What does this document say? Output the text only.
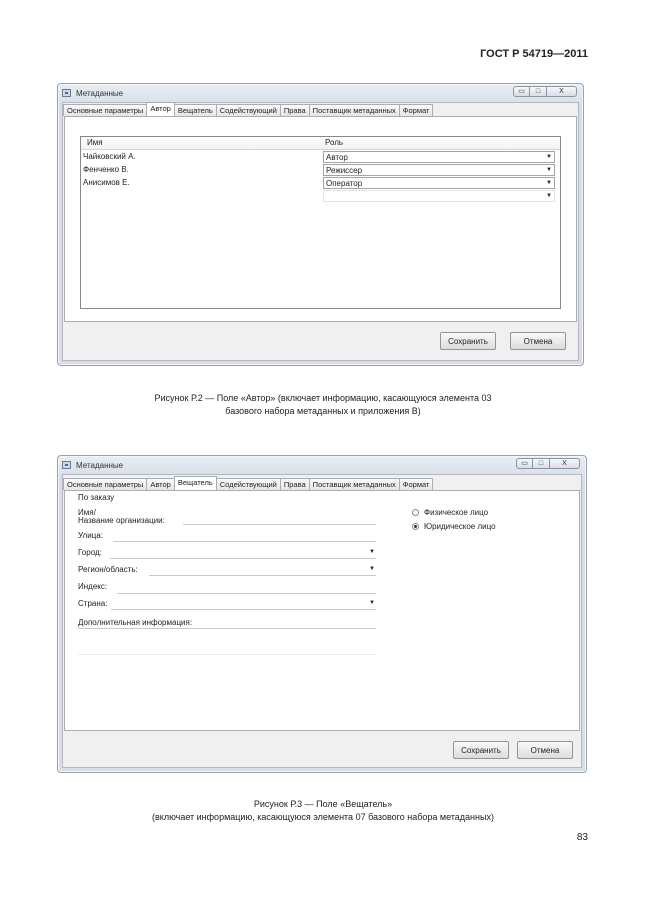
ГОСТ Р 54719—2011
Метаданные	▭	□	X
Основные параметры Автор Вещатель Содействующий Права Поставщик метаданных Формат
Имя	Роль
Чайковский А.	Автор	▼
Фенченко В.	Режиссер	▼
Анисимов Е.	Оператор	▼
▼
Сохранить	Отмена
Рисунок Р.2 — Поле «Автор» (включает информацию, касающуюся элемента 03
базового набора метаданных и приложения В)
Метаданные	▭	□	X
Основные параметры Автор Вещатель Содействующий Права Поставщик метаданных Формат
По заказу
Имя/
Название организации:
Улица:
Город:	▼
Регион/область:	▼
Индекс:
Страна:	▼
Дополнительная информация:
Физическое лицо
Юридическое лицо
Сохранить	Отмена
Рисунок Р.3 — Поле «Вещатель»
(включает информацию, касающуюся элемента 07 базового набора метаданных)
83
